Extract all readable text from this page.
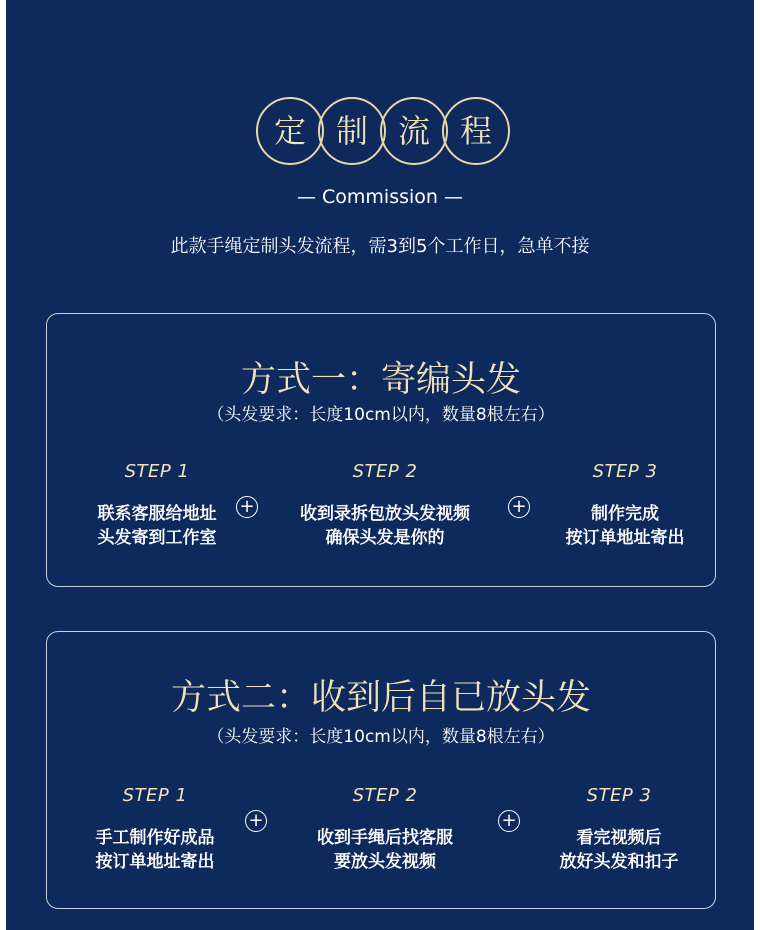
定 制 流 程
— Commission —
此款手绳定制头发流程，需3到5个工作日，急单不接
方式一：寄编头发
（头发要求：长度10cm以内，数量8根左右）
STEP 1
联系客服给地址
头发寄到工作室
+
STEP 2
收到录拆包放头发视频
确保头发是你的
+
STEP 3
制作完成
按订单地址寄出
方式二：收到后自已放头发
（头发要求：长度10cm以内，数量8根左右）
STEP 1
手工制作好成品
按订单地址寄出
+
STEP 2
收到手绳后找客服
要放头发视频
+
STEP 3
看完视频后
放好头发和扣子
